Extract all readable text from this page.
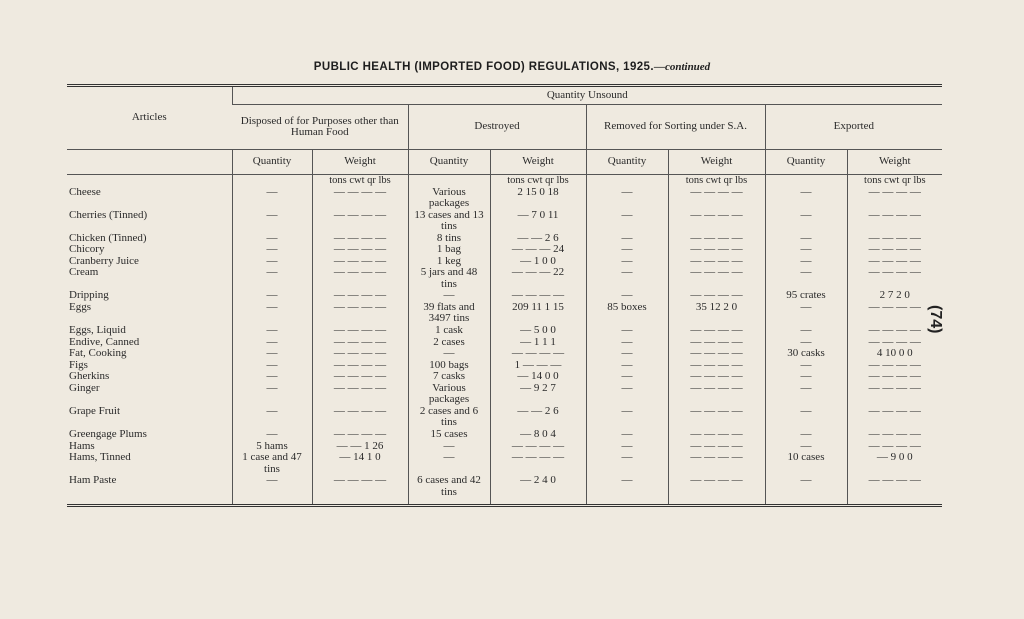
PUBLIC HEALTH (IMPORTED FOOD) REGULATIONS, 1925.—continued
(74)
Articles	Quantity Unsound							
	Disposed of for Purposes other than Human Food		Destroyed		Removed for Sorting under S.A.		Exported	
	Quantity	Weight	Quantity	Weight	Quantity	Weight	Quantity	Weight
		tons cwt qr lbs		tons cwt qr lbs		tons cwt qr lbs		tons cwt qr lbs
Cheese	—	— — — —	Various packages	2 15 0 18	—	— — — —	—	— — — —
Cherries (Tinned)	—	— — — —	13 cases and 13 tins	— 7 0 11	—	— — — —	—	— — — —
Chicken (Tinned)	—	— — — —	8 tins	— — 2 6	—	— — — —	—	— — — —
Chicory	—	— — — —	1 bag	— — — 24	—	— — — —	—	— — — —
Cranberry Juice	—	— — — —	1 keg	— 1 0 0	—	— — — —	—	— — — —
Cream	—	— — — —	5 jars and 48 tins	— — — 22	—	— — — —	—	— — — —
Dripping	—	— — — —	—	— — — —	—	— — — —	95 crates	2 7 2 0
Eggs	—	— — — —	39 flats and 3497 tins	209 11 1 15	85 boxes	35 12 2 0	—	— — — —
Eggs, Liquid	—	— — — —	1 cask	— 5 0 0	—	— — — —	—	— — — —
Endive, Canned	—	— — — —	2 cases	— 1 1 1	—	— — — —	—	— — — —
Fat, Cooking	—	— — — —	—	— — — —	—	— — — —	30 casks	4 10 0 0
Figs	—	— — — —	100 bags	1 — — —	—	— — — —	—	— — — —
Gherkins	—	— — — —	7 casks	— 14 0 0	—	— — — —	—	— — — —
Ginger	—	— — — —	Various packages	— 9 2 7	—	— — — —	—	— — — —
Grape Fruit	—	— — — —	2 cases and 6 tins	— — 2 6	—	— — — —	—	— — — —
Greengage Plums	—	— — — —	15 cases	— 8 0 4	—	— — — —	—	— — — —
Hams	5 hams	— — 1 26	—	— — — —	—	— — — —	—	— — — —
Hams, Tinned	1 case and 47 tins	— 14 1 0	—	— — — —	—	— — — —	10 cases	— 9 0 0
Ham Paste	—	— — — —	6 cases and 42 tins	— 2 4 0	—	— — — —	—	— — — —
